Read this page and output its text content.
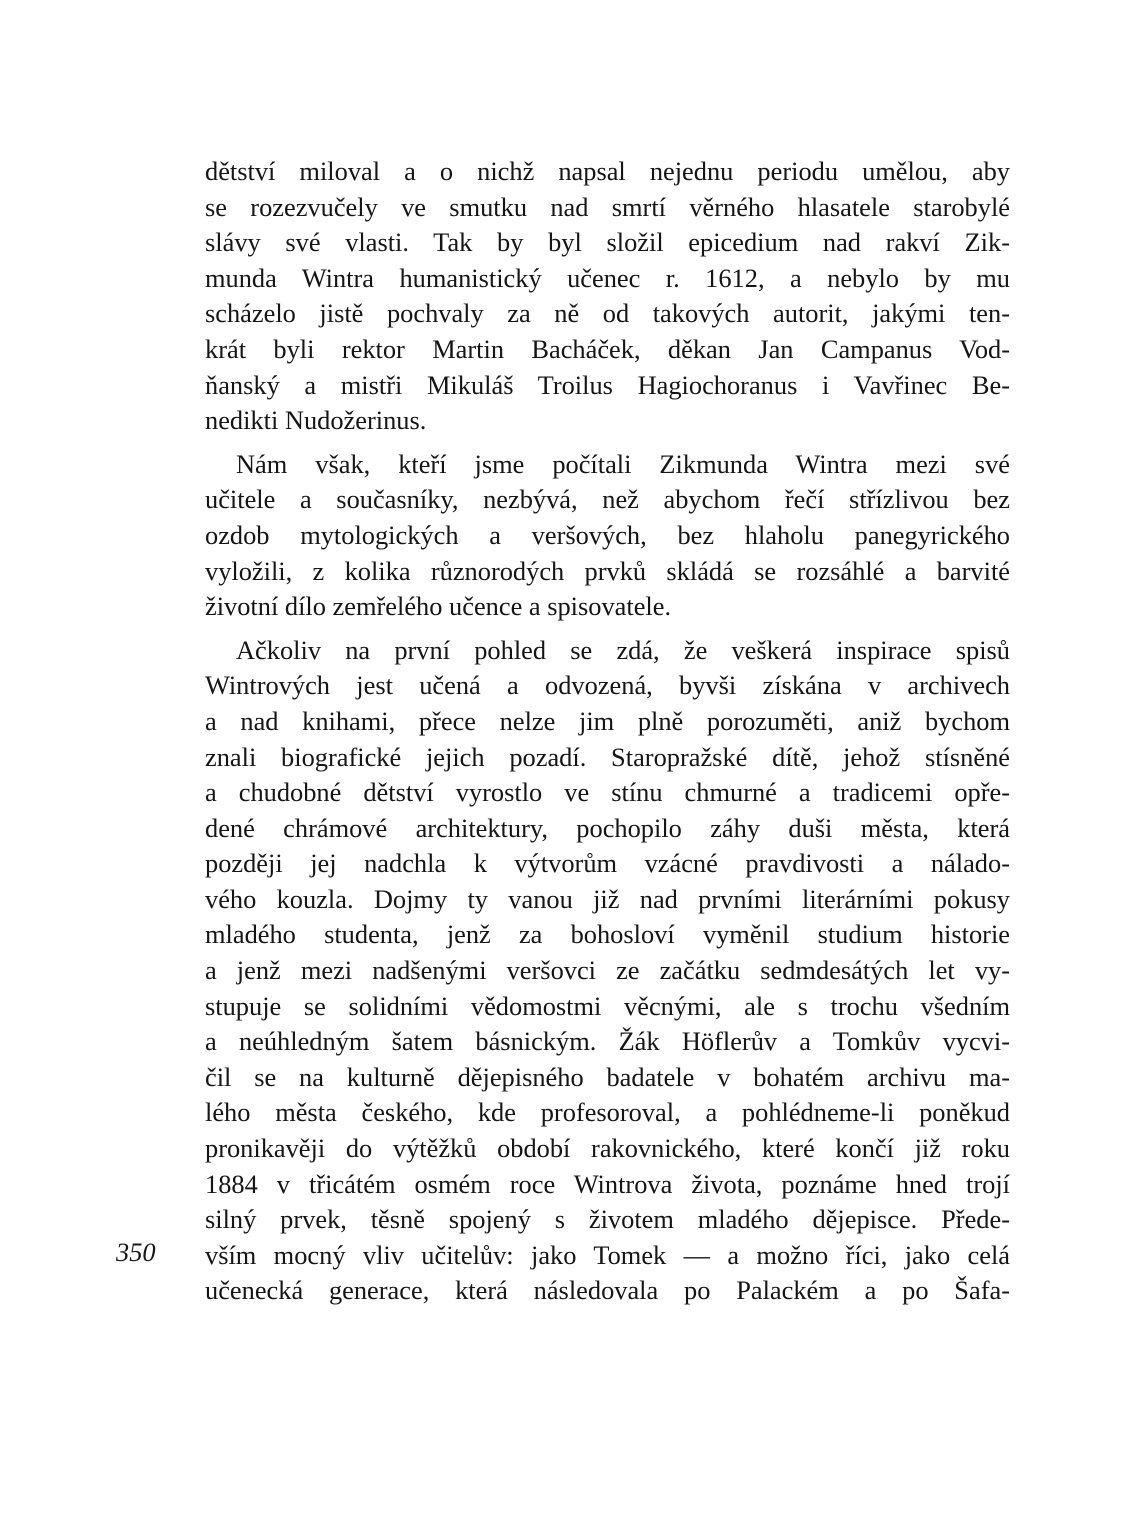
dětství miloval a o nichž napsal nejednu periodu umělou, aby
se rozezvučely ve smutku nad smrtí věrného hlasatele starobylé
slávy své vlasti. Tak by byl složil epicedium nad rakví Zik-
munda Wintra humanistický učenec r. 1612, a nebylo by mu
scházelo jistě pochvaly za ně od takových autorit, jakými ten-
krát byli rektor Martin Bacháček, děkan Jan Campanus Vod-
ňanský a mistři Mikuláš Troilus Hagiochoranus i Vavřinec Be-
nedikti Nudožerinus.
Nám však, kteří jsme počítali Zikmunda Wintra mezi své
učitele a současníky, nezbývá, než abychom řečí střízlivou bez
ozdob mytologických a veršových, bez hlaholu panegyrického
vyložili, z kolika různorodých prvků skládá se rozsáhlé a barvité
životní dílo zemřelého učence a spisovatele.
Ačkoliv na první pohled se zdá, že veškerá inspirace spisů
Wintrových jest učená a odvozená, byvši získána v archivech
a nad knihami, přece nelze jim plně porozuměti, aniž bychom
znali biografické jejich pozadí. Staropražské dítě, jehož stísněné
a chudobné dětství vyrostlo ve stínu chmurné a tradicemi opře-
dené chrámové architektury, pochopilo záhy duši města, která
později jej nadchla k výtvorům vzácné pravdivosti a nálado-
vého kouzla. Dojmy ty vanou již nad prvními literárními pokusy
mladého studenta, jenž za bohosloví vyměnil studium historie
a jenž mezi nadšenými veršovci ze začátku sedmdesátých let vy-
stupuje se solidními vědomostmi věcnými, ale s trochu všedním
a neúhledným šatem básnickým. Žák Höflerův a Tomkův vycvi-
čil se na kulturně dějepisného badatele v bohatém archivu ma-
lého města českého, kde profesoroval, a pohlédneme-li poněkud
pronikavěji do výtěžků období rakovnického, které končí již roku
1884 v třicátém osmém roce Wintrova života, poznáme hned trojí
silný prvek, těsně spojený s životem mladého dějepisce. Přede-
vším mocný vliv učitelův: jako Tomek — a možno říci, jako celá
učenecká generace, která následovala po Palackém a po Šafa-
350
